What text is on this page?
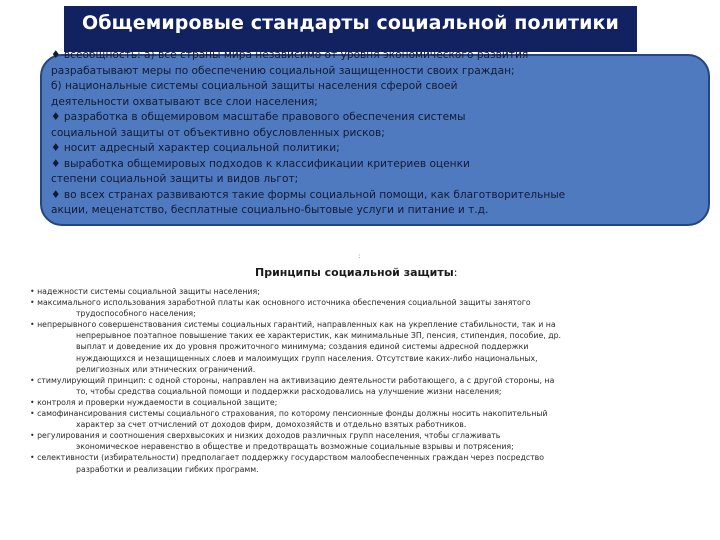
Общемировые стандарты социальной политики
♦ всеобщность: а) все страны мира независимо от уровня экономического развития
разрабатывают меры по обеспечению социальной защищенности своих граждан;
б) национальные системы социальной защиты населения сферой своей
деятельности охватывают все слои населения;
♦ разработка в общемировом масштабе правового обеспечения системы
социальной защиты от объективно обусловленных рисков;
♦ носит адресный характер социальной политики;
♦ выработка общемировых подходов к классификации критериев оценки
степени социальной защиты и видов льгот;
♦ во всех странах развиваются такие формы социальной помощи, как благотворительные
акции, меценатство, бесплатные социально-бытовые услуги и питание и т.д.
:
Принципы социальной защиты:
• надежности системы социальной защиты населения;
• максимального использования заработной платы как основного источника обеспечения социальной защиты занятого
трудоспособного населения;
• непрерывного совершенствования системы социальных гарантий, направленных как на укрепление стабильности, так и на
непрерывное поэтапное повышение таких ее характеристик, как минимальные ЗП, пенсия, стипендия, пособие, др.
выплат и доведение их до уровня прожиточного минимума; создания единой системы адресной поддержки
нуждающихся и незащищенных слоев и малоимущих групп населения. Отсутствие каких-либо национальных,
религиозных или этнических ограничений.
• стимулирующий принцип: с одной стороны, направлен на активизацию деятельности работающего, а с другой стороны, на
то, чтобы средства социальной помощи и поддержки расходовались на улучшение жизни населения;
• контроля и проверки нуждаемости в социальной защите;
• самофинансирования системы социального страхования, по которому пенсионные фонды должны носить накопительный
характер за счет отчислений от доходов фирм, домохозяйств и отдельно взятых работников.
• регулирования и соотношения сверхвысоких и низких доходов различных групп населения, чтобы сглаживать
экономическое неравенство в обществе и предотвращать возможные социальные взрывы и потрясения;
• селективности (избирательности) предполагает поддержку государством малообеспеченных граждан через посредство
разработки и реализации гибких программ.
